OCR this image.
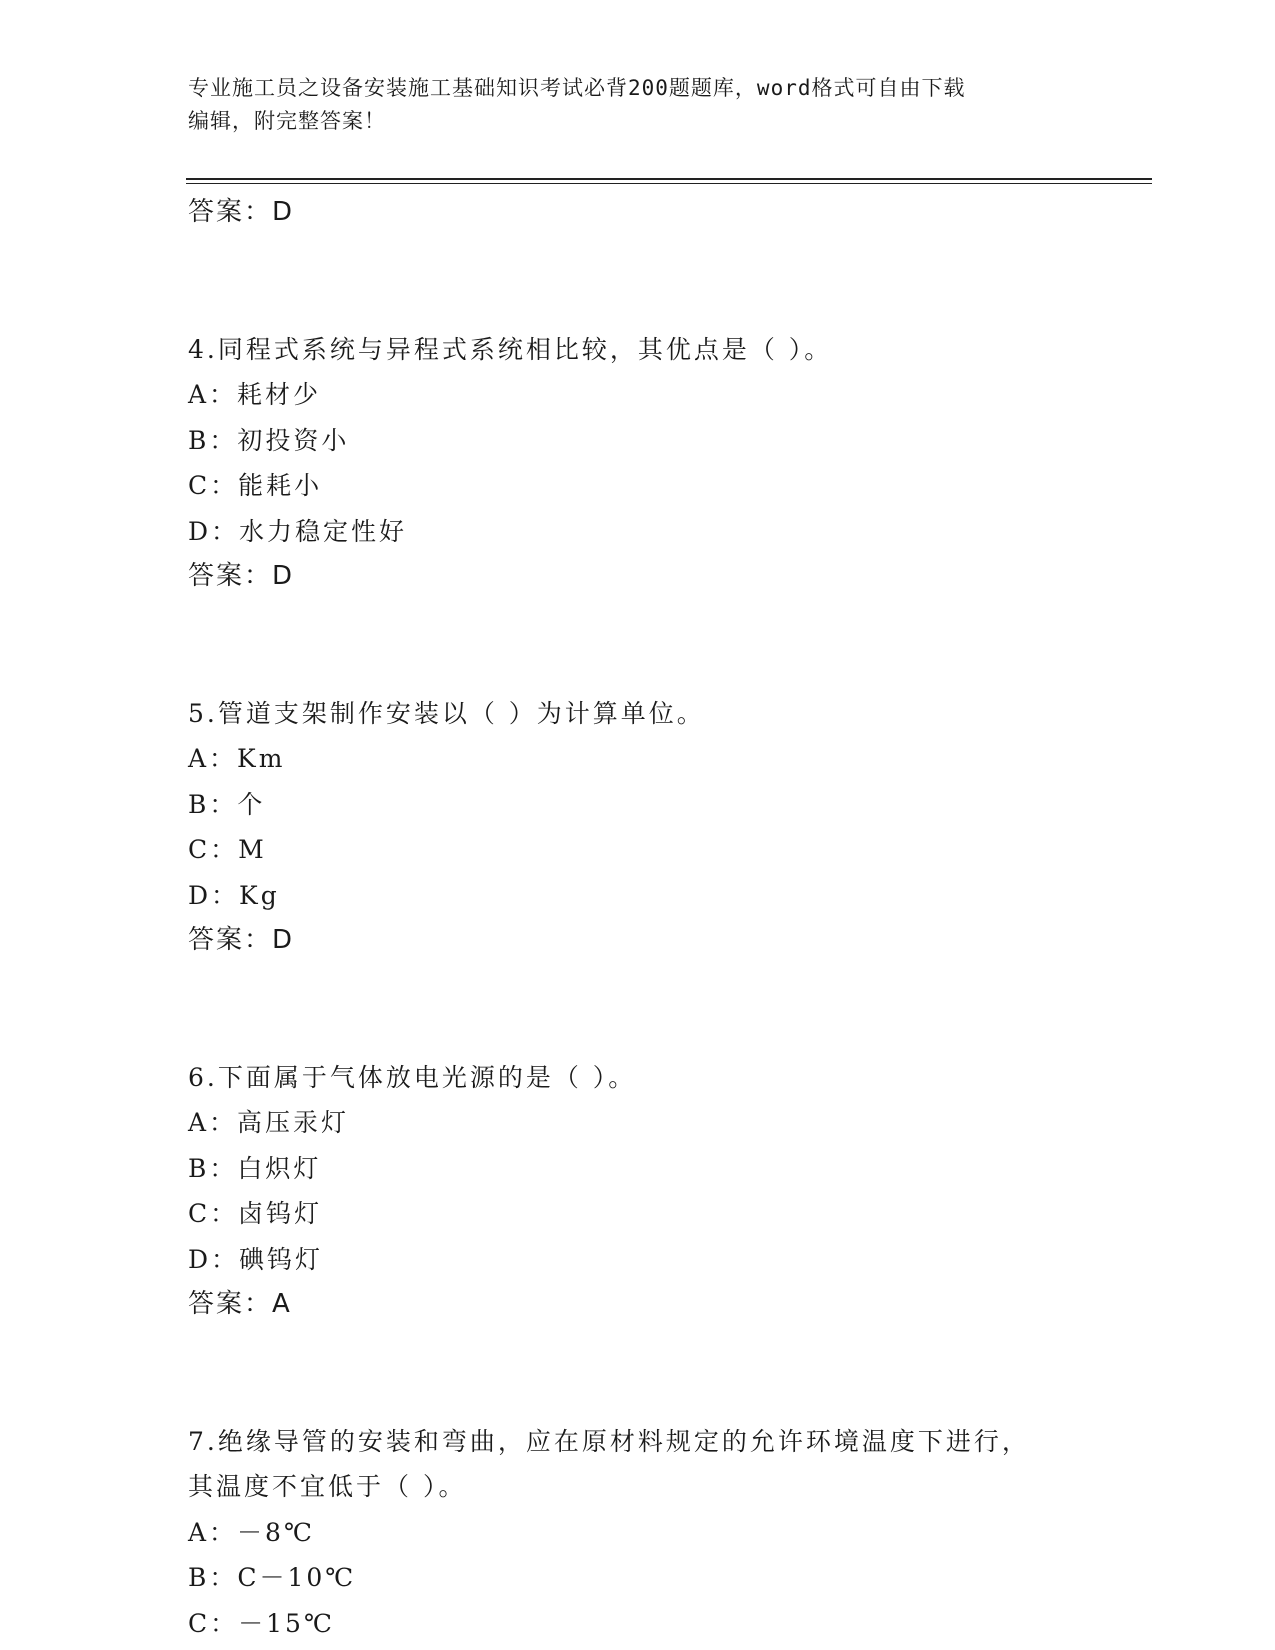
专业施工员之设备安装施工基础知识考试必背200题题库，word格式可自由下载
编辑，附完整答案！
答案：D
4.同程式系统与异程式系统相比较，其优点是（ ）。
A：耗材少
B：初投资小
C：能耗小
D：水力稳定性好
答案：D
5.管道支架制作安装以（ ）为计算单位。
A：Km
B：个
C：M
D：Kg
答案：D
6.下面属于气体放电光源的是（ ）。
A：高压汞灯
B：白炽灯
C：卤钨灯
D：碘钨灯
答案：A
7.绝缘导管的安装和弯曲，应在原材料规定的允许环境温度下进行，
其温度不宜低于（ ）。
A：－8℃
B：C－10℃
C：－15℃
